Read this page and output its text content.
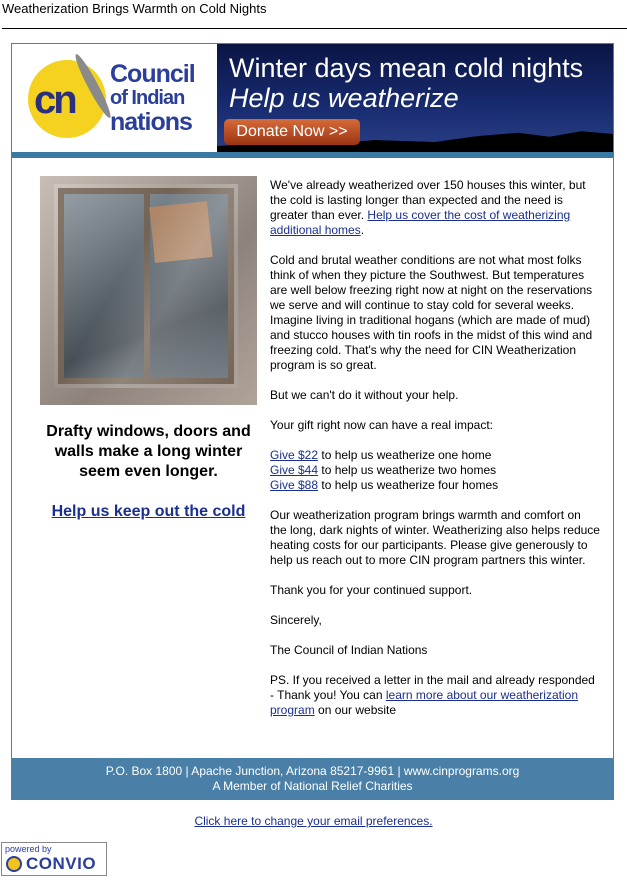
Weatherization Brings Warmth on Cold Nights
cn
Council
of Indian
nations
Winter days mean cold nights
Help us weatherize
Donate Now >>
Drafty windows, doors and walls make a long winter seem even longer.
Help us keep out the cold

We've already weatherized over 150 houses this winter, but the cold is lasting longer than expected and the need is greater than ever. Help us cover the cost of weatherizing additional homes.

Cold and brutal weather conditions are not what most folks think of when they picture the Southwest. But temperatures are well below freezing right now at night on the reservations we serve and will continue to stay cold for several weeks. Imagine living in traditional hogans (which are made of mud) and stucco houses with tin roofs in the midst of this wind and freezing cold. That's why the need for CIN Weatherization program is so great.

But we can't do it without your help.

Your gift right now can have a real impact:

Give $22 to help us weatherize one home
Give $44 to help us weatherize two homes
Give $88 to help us weatherize four homes

Our weatherization program brings warmth and comfort on the long, dark nights of winter. Weatherizing also helps reduce heating costs for our participants. Please give generously to help us reach out to more CIN program partners this winter.

Thank you for your continued support.

Sincerely,

The Council of Indian Nations

PS. If you received a letter in the mail and already responded - Thank you! You can learn more about our weatherization program on our website

P.O. Box 1800 | Apache Junction, Arizona 85217-9961 | www.cinprograms.org
A Member of National Relief Charities
Click here to change your email preferences.
powered by
CONVIO
